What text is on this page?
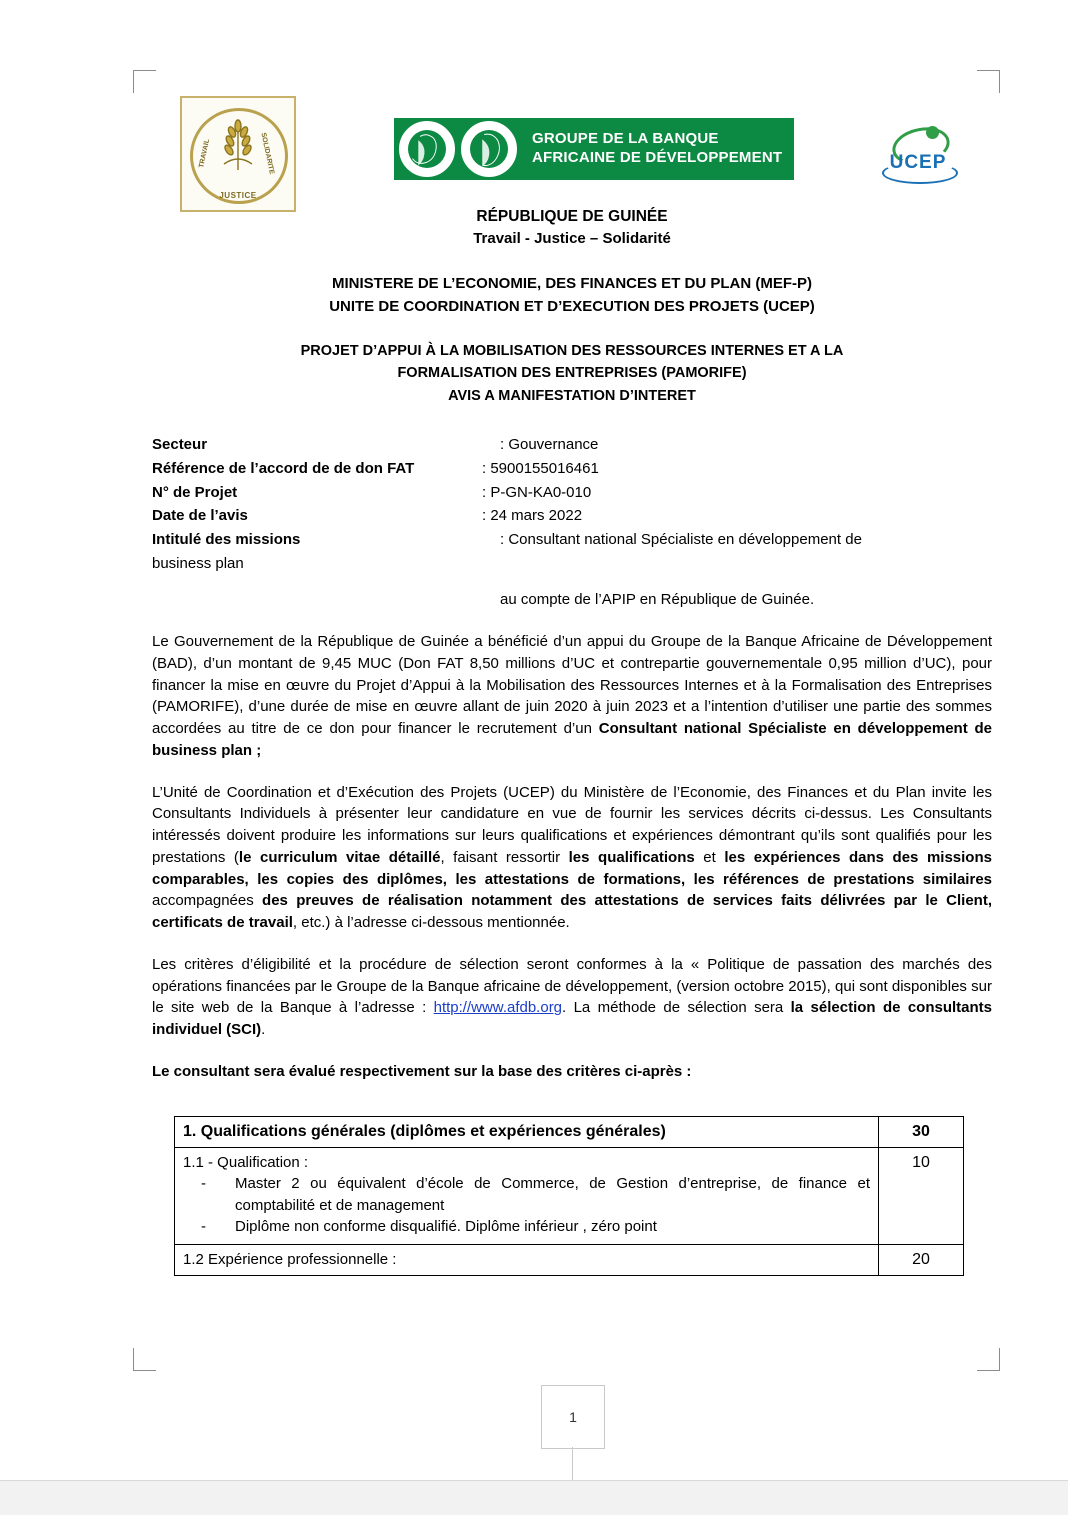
TRAVAIL	SOLIDARITE
JUSTICE
GROUPE DE LA BANQUE
AFRICAINE DE DÉVELOPPEMENT	UCEP
RÉPUBLIQUE DE GUINÉE
Travail - Justice – Solidarité
MINISTERE DE L’ECONOMIE, DES FINANCES ET DU PLAN (MEF-P)
UNITE DE COORDINATION ET D’EXECUTION DES PROJETS (UCEP)
PROJET D’APPUI À LA MOBILISATION DES RESSOURCES INTERNES ET A LA
FORMALISATION DES ENTREPRISES (PAMORIFE)
AVIS A MANIFESTATION D’INTERET
Secteur	: Gouvernance
Référence de l’accord de de don FAT	: 5900155016461
N° de Projet	: P-GN-KA0-010
Date de l’avis	: 24 mars 2022
Intitulé des missions	: Consultant national Spécialiste en développement de
business plan
au compte de l’APIP en République de Guinée.

Le Gouvernement de la République de Guinée a bénéficié d’un appui du Groupe de la Banque Africaine de Développement (BAD), d’un montant de 9,45 MUC (Don FAT 8,50 millions d’UC et contrepartie gouvernementale 0,95 million d’UC), pour financer la mise en œuvre du Projet d’Appui à la Mobilisation des Ressources Internes et à la Formalisation des Entreprises (PAMORIFE), d’une durée de mise en œuvre allant de juin 2020 à juin 2023 et a l’intention d’utiliser une partie des sommes accordées au titre de ce don pour financer le recrutement d’un Consultant national Spécialiste en développement de business plan ;

L’Unité de Coordination et d’Exécution des Projets (UCEP) du Ministère de l’Economie, des Finances et du Plan invite les Consultants Individuels à présenter leur candidature en vue de fournir les services décrits ci-dessus. Les Consultants intéressés doivent produire les informations sur leurs qualifications et expériences démontrant qu’ils sont qualifiés pour les prestations (le curriculum vitae détaillé, faisant ressortir les qualifications et les expériences dans des missions comparables, les copies des diplômes, les attestations de formations, les références de prestations similaires accompagnées des preuves de réalisation notamment des attestations de services faits délivrées par le Client, certificats de travail, etc.) à l’adresse ci-dessous mentionnée.

Les critères d’éligibilité et la procédure de sélection seront conformes à la « Politique de passation des marchés des opérations financées par le Groupe de la Banque africaine de développement, (version octobre 2015), qui sont disponibles sur le site web de la Banque à l’adresse : http://www.afdb.org. La méthode de sélection sera la sélection de consultants individuel (SCI).

Le consultant sera évalué respectivement sur la base des critères ci-après :
1. Qualifications générales (diplômes et expériences générales)	30

1.1 - Qualification :
- Master 2 ou équivalent d’école de Commerce, de Gestion d’entreprise, de finance et comptabilité et de management
- Diplôme non conforme disqualifié. Diplôme inférieur , zéro point
	10
1.2 Expérience professionnelle :	20
1
